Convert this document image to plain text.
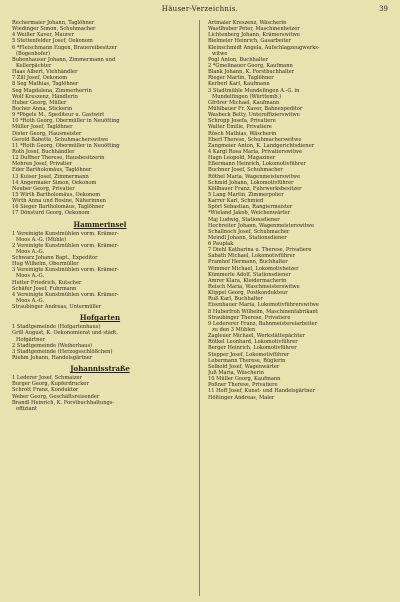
Häuser-Verzeichnis.	39
Rechermaier Johann, Taglöhner
Wiedinger Simon, Schuhmacher
4 Weißer Xaver, Maurer
5 Stettenfelder Josef, Oekonom
6 *Fleischmann Eugen, Brauereibesitzer
(Bogenhofer)
Bubenhauser Johann, Zimmermann und
Kellerpächter
Haas Albert, Viehhändler
7 Zill Josef, Oekonom
8 Seg Mathias, Taglöhner
Seg Magdalena, Zimmerherrin
Wolf Kreszenz, Händlerin
Huber Georg, Müller
Bucher Anna, Stickerin
9 *Pögele M., Spediteur u. Gastwirt
10 *Roth Georg, Obermüller in Neuötting
Müller Josef, Taglöhner
Dister Georg, Hausmeister
Gerold Babette, Schuhmacherswitwe
11 *Roth Georg, Obermüller in Neuötting
Roth Josef, Buchhändler
12 Duffner Therese, Hausbesitzerin
Mohren Josef, Privatier
Eder Bartholomäus, Taglöhner
13 Kuiser Josef, Zimmermann
14 Angermaier Simon, Oekonom
Neuber Georg, Privatier
15 Wirth Bartholomäus, Oekonom
Wirth Anna und Rosine, Näherinnen
16 Sieger Bartholomäus, Taglöhner
17 Dönsturd Georg, Oekonom
Hammerinsel
1 Vereinigte Kunstmühlen vorm. Krämer-
Moos A.-G. (Mühle)
2 Vereinigte Kunstmühlen vorm. Krämer-
Moos A.-G.
Schwarz Johann Bapt., Expeditor
Hug Wilhelm, Obermüller
3 Vereinigte Kunstmühlen vorm. Krämer-
Moos A.-G.
Hutter Friedrich, Kutscher
Schäfer Josef, Fuhrmann
4 Vereinigte Kunstmühlen vorm. Krämer-
Moos A.-G.
Straubinger Andreas, Untermüller
Hofgarten
1 Stadtgemeinde (Hofgartenhaus)
Grill August, K. Oekonomierat und städt.
Hofgärtner
2 Stadtgemeinde (Weiherhaus)
3 Stadtgemeinde (Herzogsschlößchen)
Riehm Johann, Handelsgärtner
Johannisstraße
1 Lederer Josef, Schmaizer
Burger Georg, Kupferdrucker
Schrott Franz, Konduktor
Weber Georg, Geschäftsreisender
Brandl Heinrich, K. Forstbuchhaltungs-
offiziant
Artmaier Kreszenz, Wäscherin
Wastlhuber Peter, Maschinenheizer
Lichtenberg Johann, Krämerswitwe
Bielmeier Heinrich, Gasarbeiter
Kleinschmidt Angela, Aufschlagzeugwerks-
witwe
Pogl Anton, Buchhalter
2 *Gmelinauer Georg, Kaufmann
Blank Johann, K. Forstbuchhalter
Rieger Martin, Taglöhner
Kerberl Karl, Kaufmann
3 Stadtmühle Mundefingen A.-G. in
Mundelfingen (Württemb.)
Gfrörer Michael, Kaufmann
Mühlbauer Fr. Xaver, Bahnexpeditor
Wasbeck Betty, Unteroffizierswitwe
Schropp Josefa, Privatiere
Walter Emilie, Privatiere
Rösch Mathias, Wäscherin
Eberl Therese, Schuhmacherswitwe
Zangmeier Anton, K. Landgerichtsdiener
4 Kargl Rosa Maria, Privatierswitwe
Hagn Leopold, Magaziner
Eßermann Heinrich, Lokomotivführer
Buchner Josef, Schuhmacher
Röthel Maria, Wagenmeisterswitwe
Schmid Johann, Lokomotivführer
Köllbauer Franz, Fuhrwerksbesitzer
5 Lang Martin, Zimmerpolier
Karrer Karl, Schmied
Spörl Sebastian, Rangiermeister
*Wieland Jakob, Weichenwärter
Maj Ludwig, Stationsdiener
Hochreiter Johann, Wagenmeisterswitwe
Schallnoch Josef, Schuhmacher
Meindl Johann, Stationsdiener
6 Pauplak
7 Diehl Katharina u. Therese, Privatiere
Sabath Michael, Lokomotivführer
Pramhof Hermann, Buchhalter
Wimmer Michael, Lokomotivheizer
Kümmerle Adolf, Stationsdiener
Amrer Klara, Kleidermacherin
Reisch Maria, Waschmeisterswitwe
Klippel Georg, Postkondukteur
Ruß Karl, Buchhalter
Eisenhauer Maria, Lokomotivführerswitwe
8 Huberfroh Wilhelm, Maschinenfabrikant
Straubinger Therese, Privatiere
9 Ledererer Franz, Bahnmeistereiarbeiter
zu den 3 Mühlen
Zagleuer Michael, Werkstättepächter
Rötkel Leonhard, Lokomotivführer
Berger Heinrich, Lokomotivführer
Stepper Josef, Lokomotivführer
Lebermann Therese, Büglerin
Selbold Josef, Wagenwärter
Juß Maria, Wäscherin
10 Müller Georg, Kaufmann
Poßner Therese, Privatiere
11 Hoff Josef, Kunst- und Handelsgärtner
Höltinger Andreas, Maler
